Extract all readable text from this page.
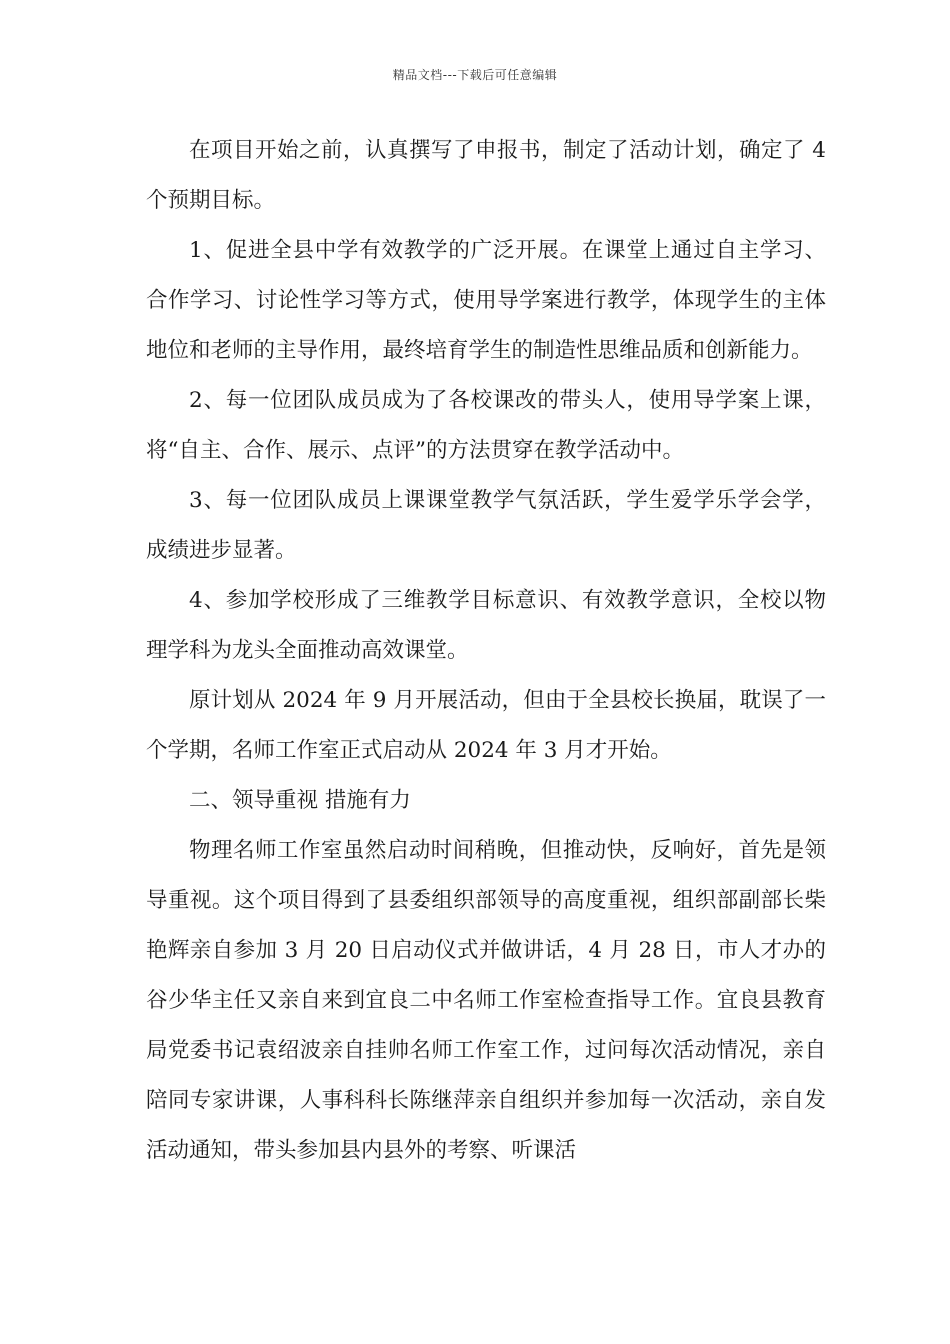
精品文档---下载后可任意编辑

在项目开始之前，认真撰写了申报书，制定了活动计划，确定了 4 个预期目标。

1、促进全县中学有效教学的广泛开展。在课堂上通过自主学习、合作学习、讨论性学习等方式，使用导学案进行教学，体现学生的主体地位和老师的主导作用，最终培育学生的制造性思维品质和创新能力。

2、每一位团队成员成为了各校课改的带头人，使用导学案上课，将“自主、合作、展示、点评”的方法贯穿在教学活动中。

3、每一位团队成员上课课堂教学气氛活跃，学生爱学乐学会学，成绩进步显著。

4、参加学校形成了三维教学目标意识、有效教学意识，全校以物理学科为龙头全面推动高效课堂。

原计划从 2024 年 9 月开展活动，但由于全县校长换届，耽误了一个学期，名师工作室正式启动从 2024 年 3 月才开始。

二、领导重视 措施有力

物理名师工作室虽然启动时间稍晚，但推动快，反响好，首先是领导重视。这个项目得到了县委组织部领导的高度重视，组织部副部长柴艳辉亲自参加 3 月 20 日启动仪式并做讲话，4 月 28 日，市人才办的谷少华主任又亲自来到宜良二中名师工作室检查指导工作。宜良县教育局党委书记袁绍波亲自挂帅名师工作室工作，过问每次活动情况，亲自陪同专家讲课，人事科科长陈继萍亲自组织并参加每一次活动，亲自发活动通知，带头参加县内县外的考察、听课活
